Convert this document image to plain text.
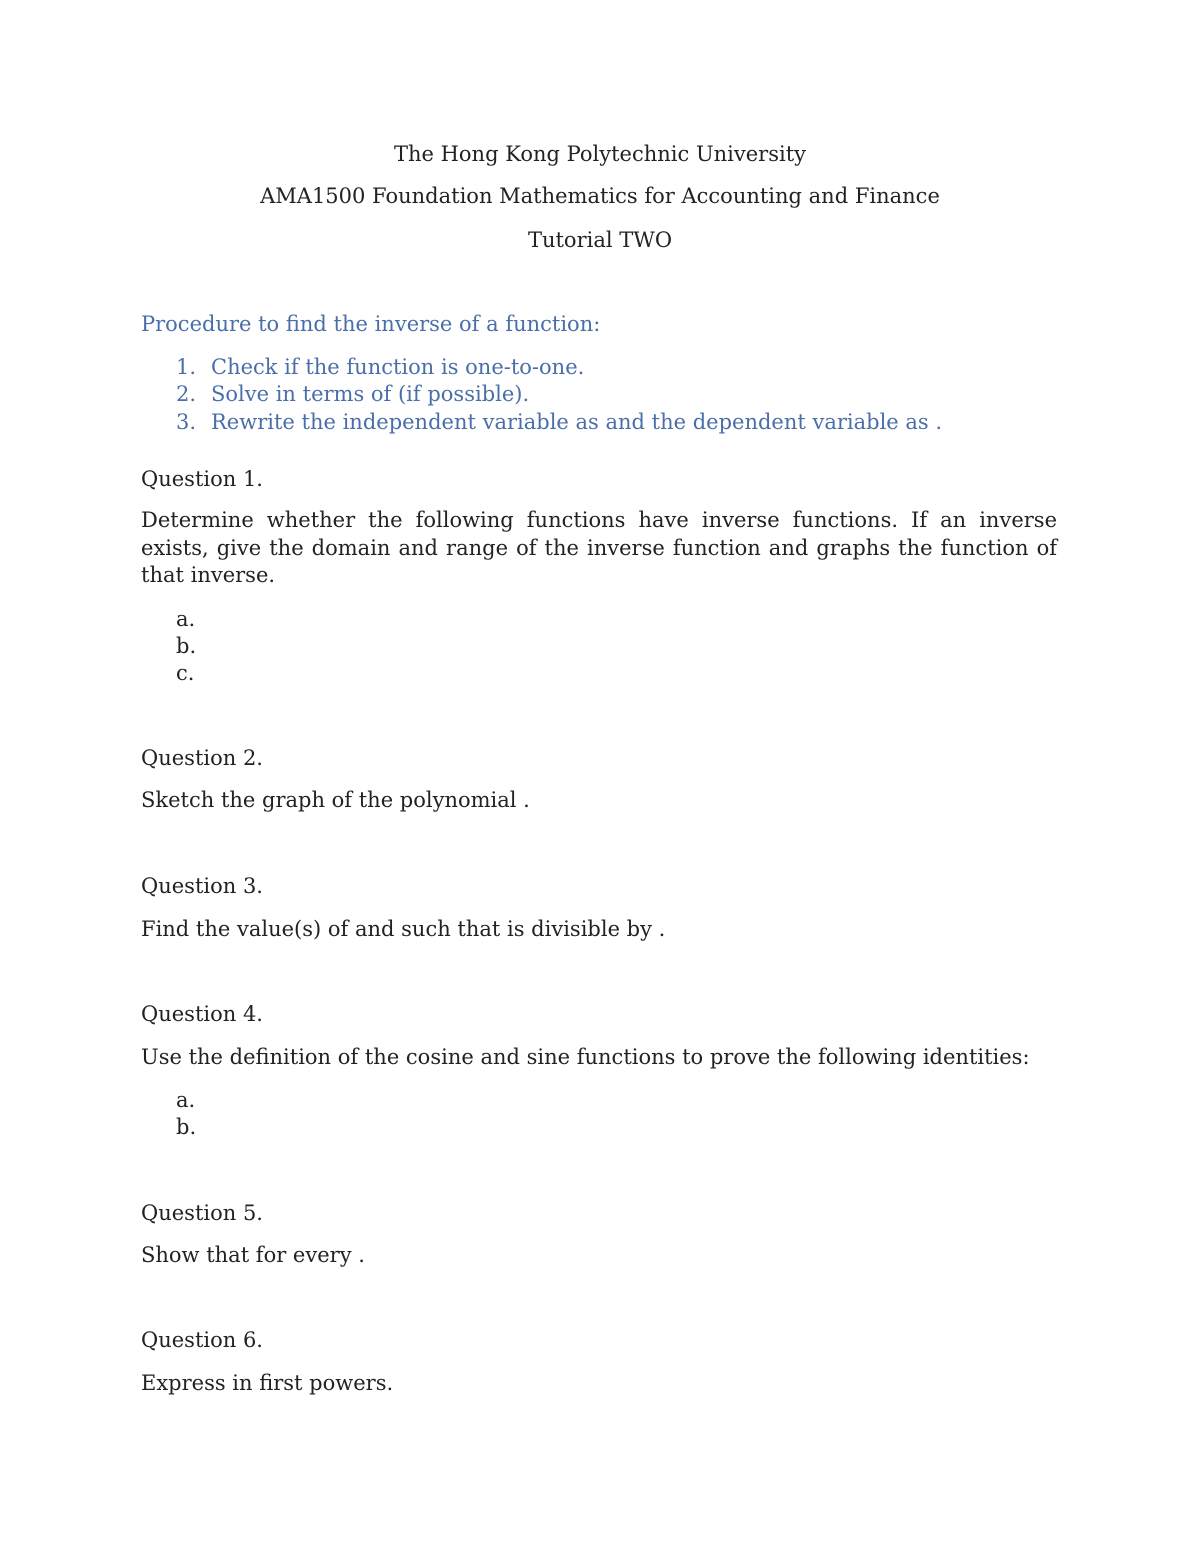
The Hong Kong Polytechnic University
AMA1500 Foundation Mathematics for Accounting and Finance
Tutorial TWO
Procedure to find the inverse of a function:
1. Check if the function is one-to-one.
2. Solve in terms of (if possible).
3. Rewrite the independent variable as and the dependent variable as .
Question 1.
Determine whether the following functions have inverse functions. If an inverse exists, give the domain and range of the inverse function and graphs the function of that inverse.
a.
b.
c.
Question 2.
Sketch the graph of the polynomial .
Question 3.
Find the value(s) of and such that is divisible by .
Question 4.
Use the definition of the cosine and sine functions to prove the following identities:
a.
b.
Question 5.
Show that for every .
Question 6.
Express in first powers.
